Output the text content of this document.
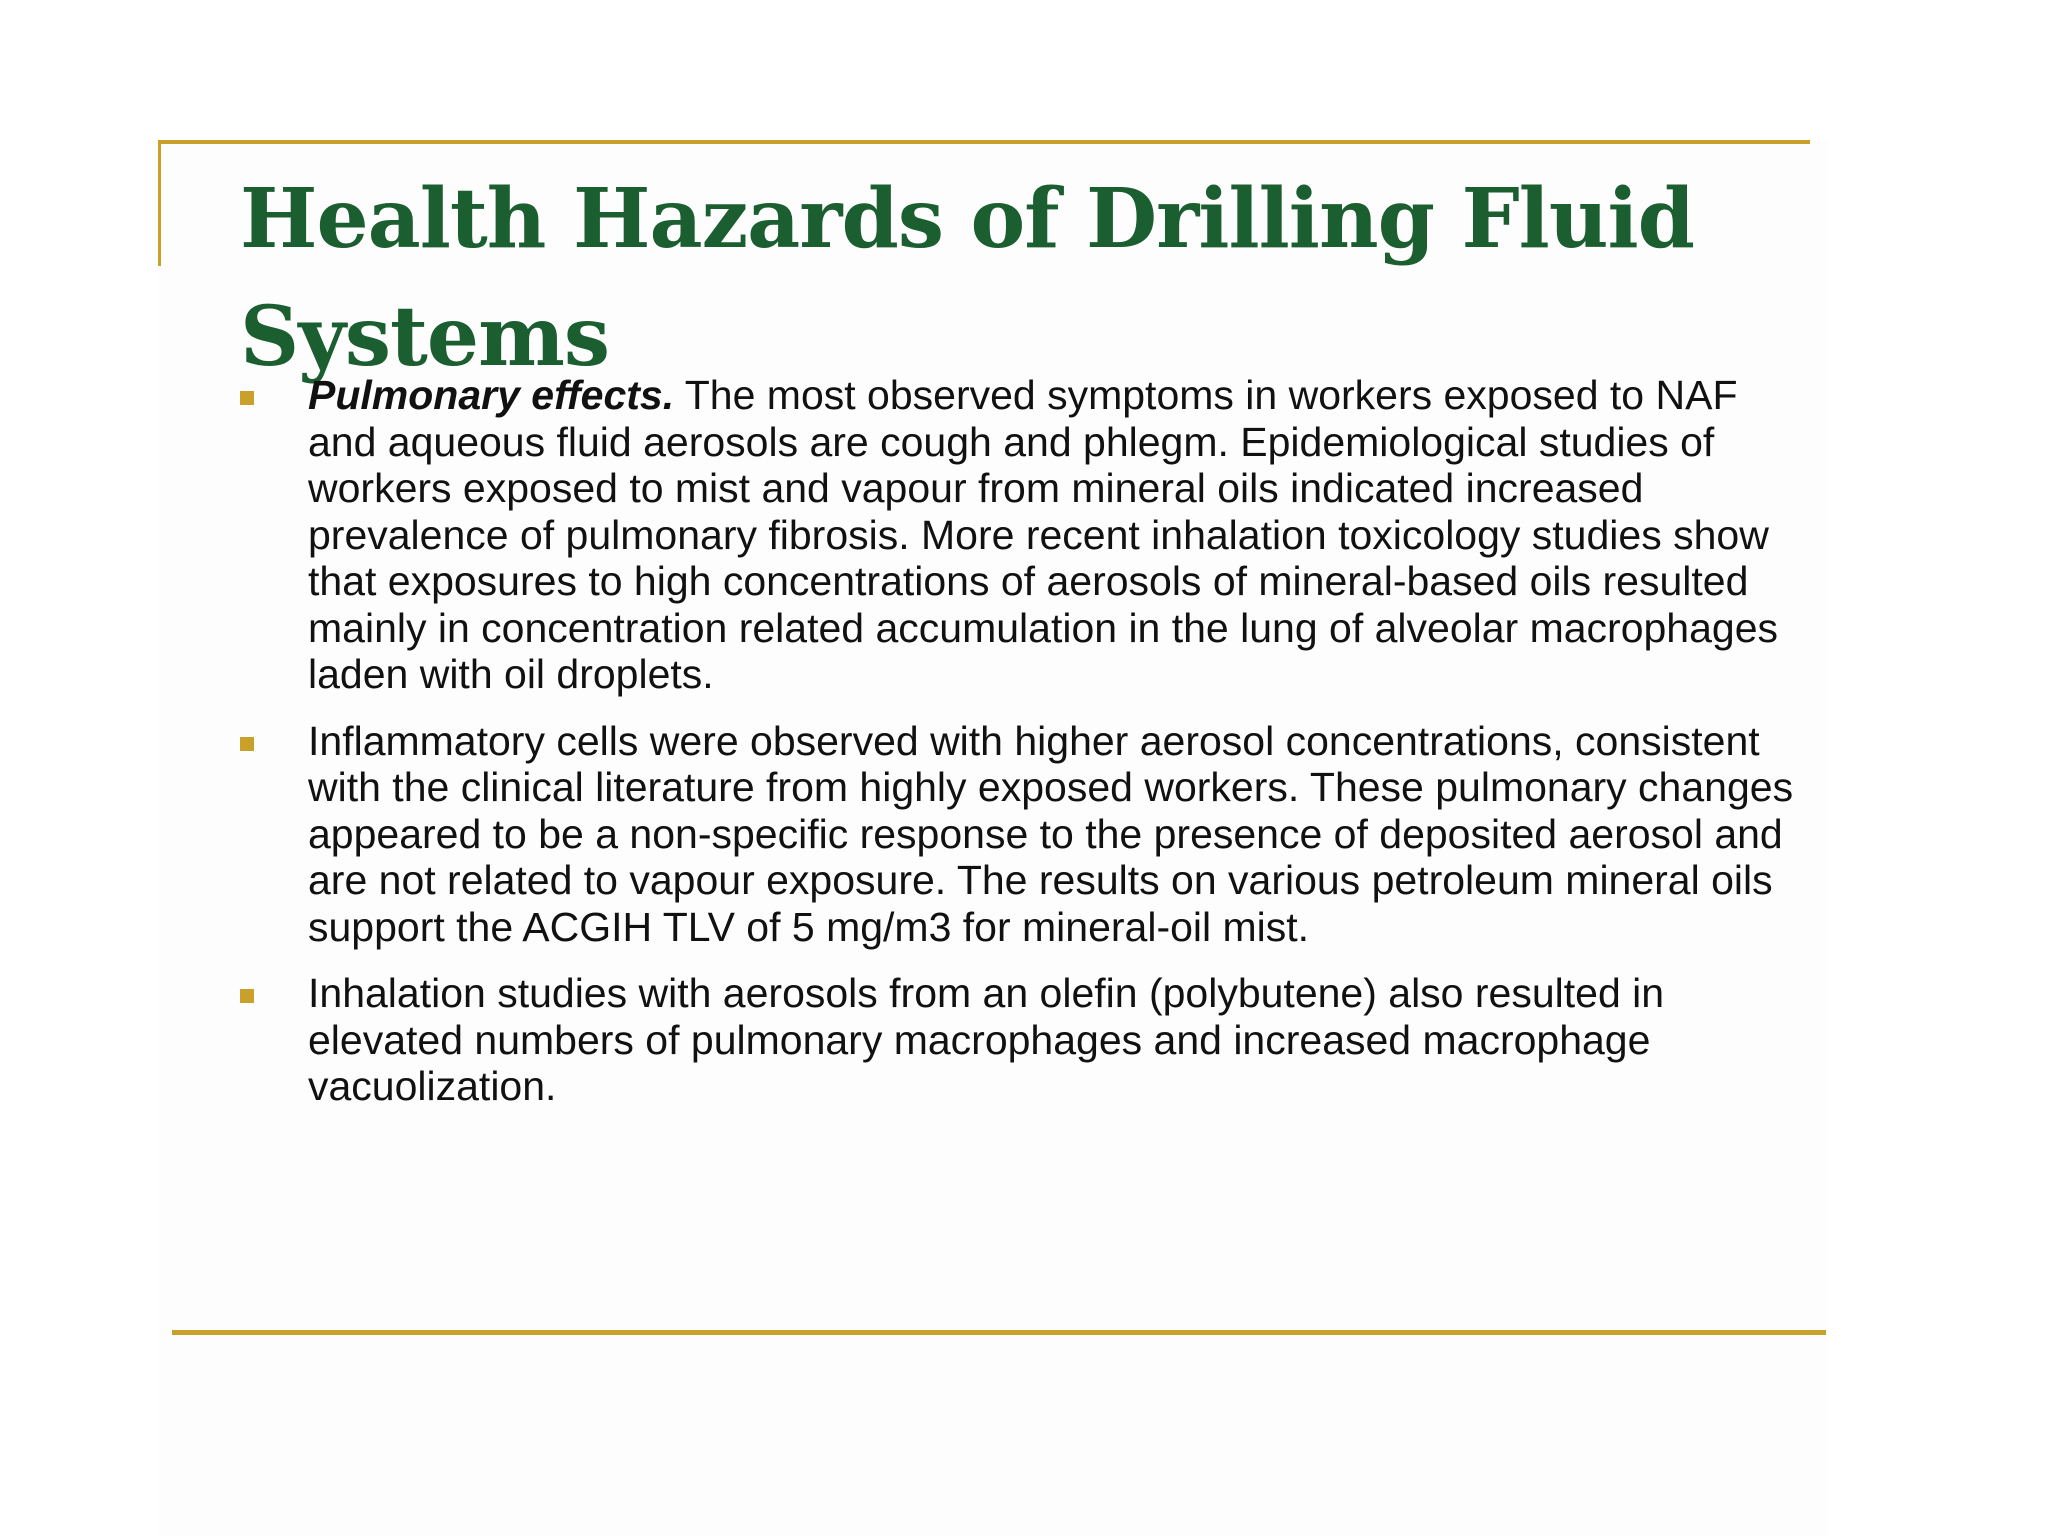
Health Hazards of Drilling Fluid Systems
Pulmonary effects. The most observed symptoms in workers exposed to NAF and aqueous fluid aerosols are cough and phlegm. Epidemiological studies of workers exposed to mist and vapour from mineral oils indicated increased prevalence of pulmonary fibrosis. More recent inhalation toxicology studies show that exposures to high concentrations of aerosols of mineral-based oils resulted mainly in concentration related accumulation in the lung of alveolar macrophages laden with oil droplets.
Inflammatory cells were observed with higher aerosol concentrations, consistent with the clinical literature from highly exposed workers. These pulmonary changes appeared to be a non-specific response to the presence of deposited aerosol and are not related to vapour exposure. The results on various petroleum mineral oils support the ACGIH TLV of 5 mg/m3 for mineral-oil mist.
Inhalation studies with aerosols from an olefin (polybutene) also resulted in elevated numbers of pulmonary macrophages and increased macrophage vacuolization.
